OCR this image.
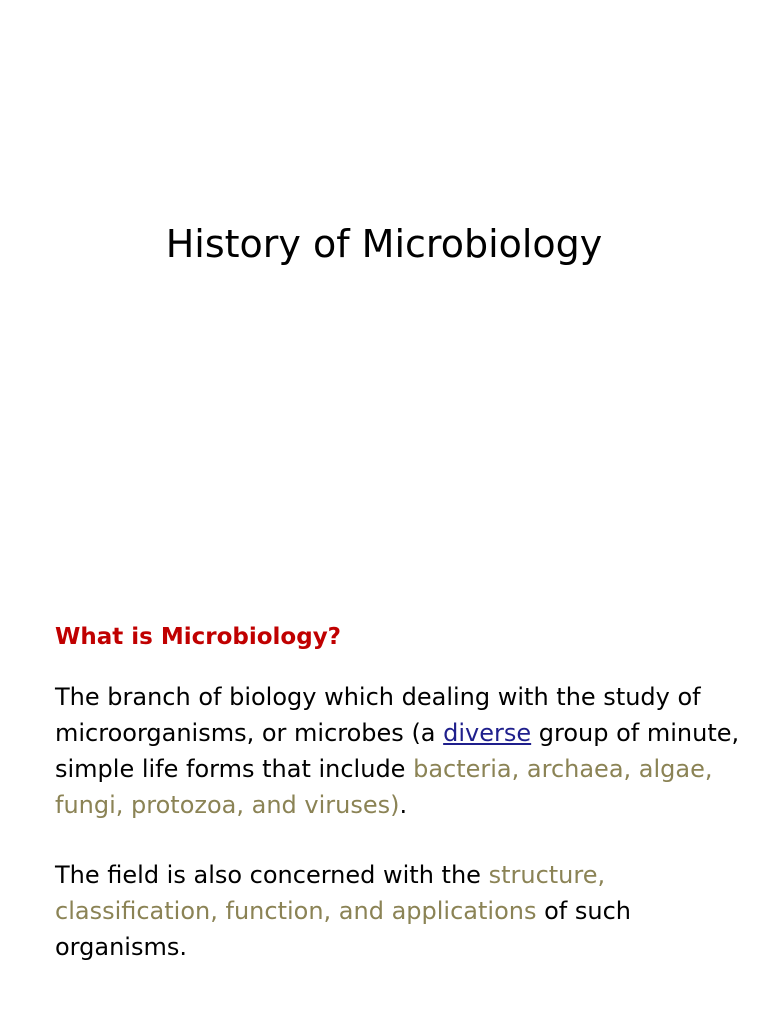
History of Microbiology
What is Microbiology?

The branch of biology which dealing with the study of microorganisms, or microbes (a diverse group of minute, simple life forms that include bacteria, archaea, algae, fungi, protozoa, and viruses).

The field is also concerned with the structure, classification, function, and applications of such organisms.
